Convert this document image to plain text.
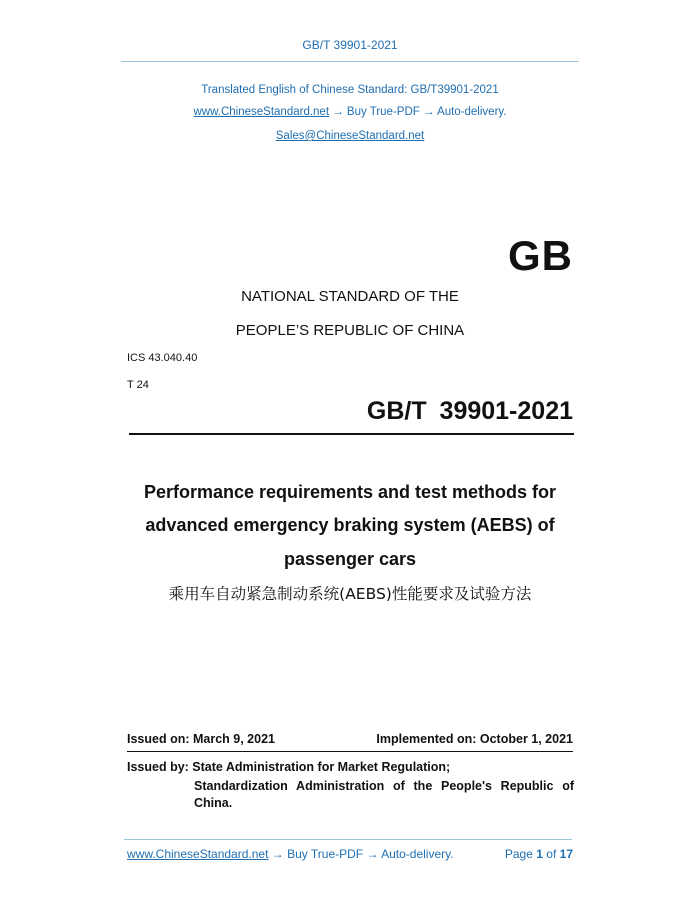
GB/T 39901-2021
Translated English of Chinese Standard: GB/T39901-2021
www.ChineseStandard.net → Buy True-PDF → Auto-delivery.
Sales@ChineseStandard.net
GB
NATIONAL STANDARD OF THE
PEOPLE’S REPUBLIC OF CHINA
ICS 43.040.40
T 24
GB/T 39901-2021
Performance requirements and test methods for
advanced emergency braking system (AEBS) of
passenger cars
乘用车自动紧急制动系统(AEBS)性能要求及试验方法
Issued on: March 9, 2021	Implemented on: October 1, 2021
Issued by: State Administration for Market Regulation;
Standardization Administration of the People's Republic of
China.
www.ChineseStandard.net → Buy True-PDF → Auto-delivery.	Page 1 of 17
